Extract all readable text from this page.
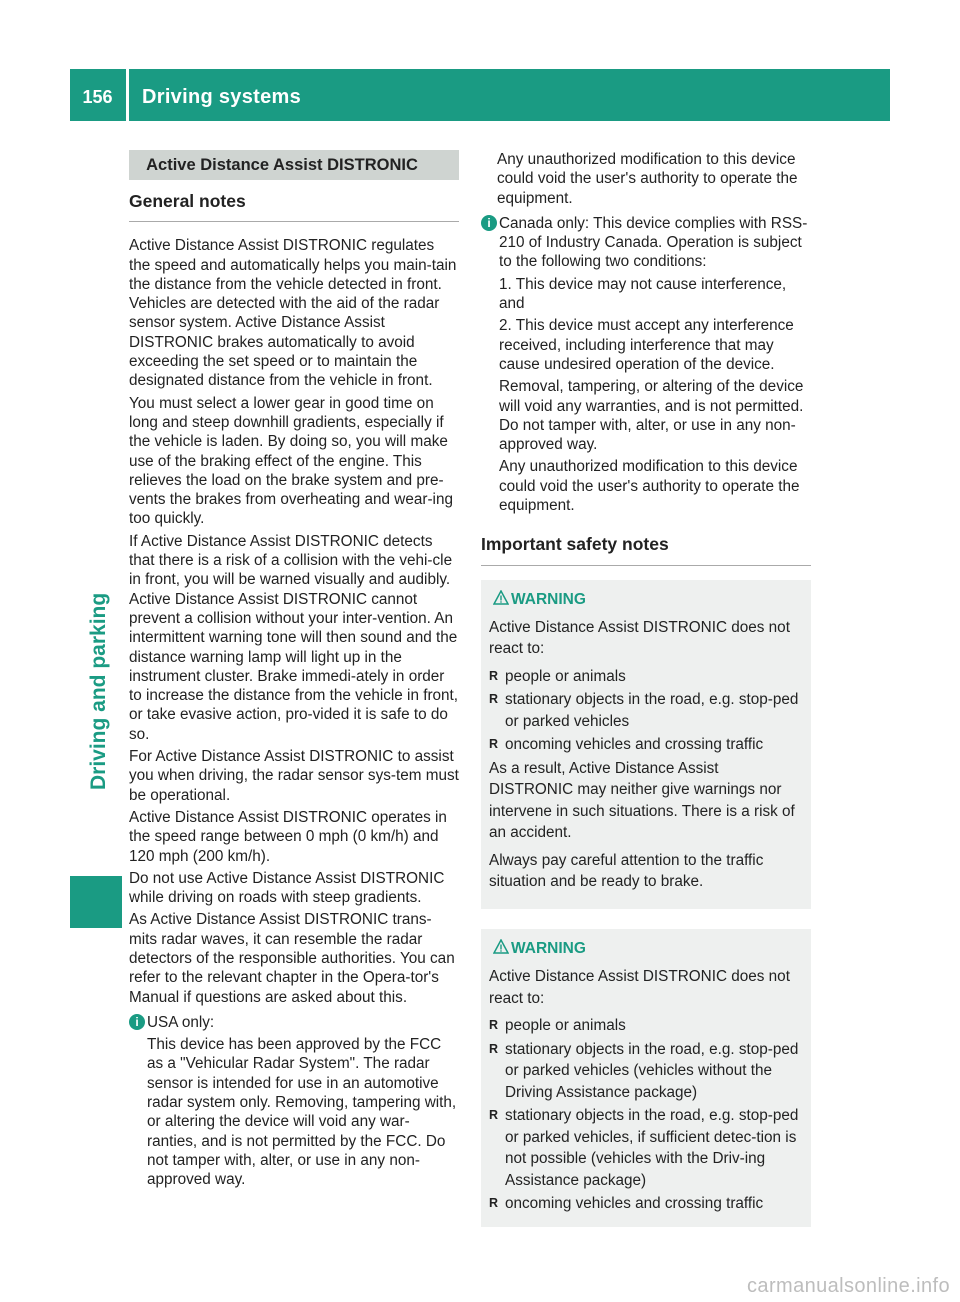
156	Driving systems
Driving and parking
Active Distance Assist DISTRONIC
General notes

Active Distance Assist DISTRONIC regulates the speed and automatically helps you main-tain the distance from the vehicle detected in front. Vehicles are detected with the aid of the radar sensor system. Active Distance Assist DISTRONIC brakes automatically to avoid exceeding the set speed or to maintain the designated distance from the vehicle in front.

You must select a lower gear in good time on long and steep downhill gradients, especially if the vehicle is laden. By doing so, you will make use of the braking effect of the engine. This relieves the load on the brake system and pre-vents the brakes from overheating and wear-ing too quickly.

If Active Distance Assist DISTRONIC detects that there is a risk of a collision with the vehi-cle in front, you will be warned visually and audibly. Active Distance Assist DISTRONIC cannot prevent a collision without your inter-vention. An intermittent warning tone will then sound and the distance warning lamp will light up in the instrument cluster. Brake immedi-ately in order to increase the distance from the vehicle in front, or take evasive action, pro-vided it is safe to do so.

For Active Distance Assist DISTRONIC to assist you when driving, the radar sensor sys-tem must be operational.

Active Distance Assist DISTRONIC operates in the speed range between 0 mph (0 km/h) and 120 mph (200 km/h).

Do not use Active Distance Assist DISTRONIC while driving on roads with steep gradients.

As Active Distance Assist DISTRONIC trans-mits radar waves, it can resemble the radar detectors of the responsible authorities. You can refer to the relevant chapter in the Opera-tor's Manual if questions are asked about this.

i USA only:

This device has been approved by the FCC as a "Vehicular Radar System". The radar sensor is intended for use in an automotive radar system only. Removing, tampering with, or altering the device will void any war-ranties, and is not permitted by the FCC. Do not tamper with, alter, or use in any non-approved way.

Any unauthorized modification to this device could void the user's authority to operate the equipment.

i Canada only: This device complies with RSS-210 of Industry Canada. Operation is subject to the following two conditions:

1. This device may not cause interference, and

2. This device must accept any interference received, including interference that may cause undesired operation of the device.

Removal, tampering, or altering of the device will void any warranties, and is not permitted. Do not tamper with, alter, or use in any non-approved way.

Any unauthorized modification to this device could void the user's authority to operate the equipment.

Important safety notes
WARNING

Active Distance Assist DISTRONIC does not react to:

R people or animals
R stationary objects in the road, e.g. stop-ped or parked vehicles
R oncoming vehicles and crossing traffic

As a result, Active Distance Assist DISTRONIC may neither give warnings nor intervene in such situations. There is a risk of an accident.

Always pay careful attention to the traffic situation and be ready to brake.

WARNING

Active Distance Assist DISTRONIC does not react to:

R people or animals
R stationary objects in the road, e.g. stop-ped or parked vehicles (vehicles without the Driving Assistance package)
R stationary objects in the road, e.g. stop-ped or parked vehicles, if sufficient detec-tion is not possible (vehicles with the Driv-ing Assistance package)
R oncoming vehicles and crossing traffic
carmanualsonline.info
